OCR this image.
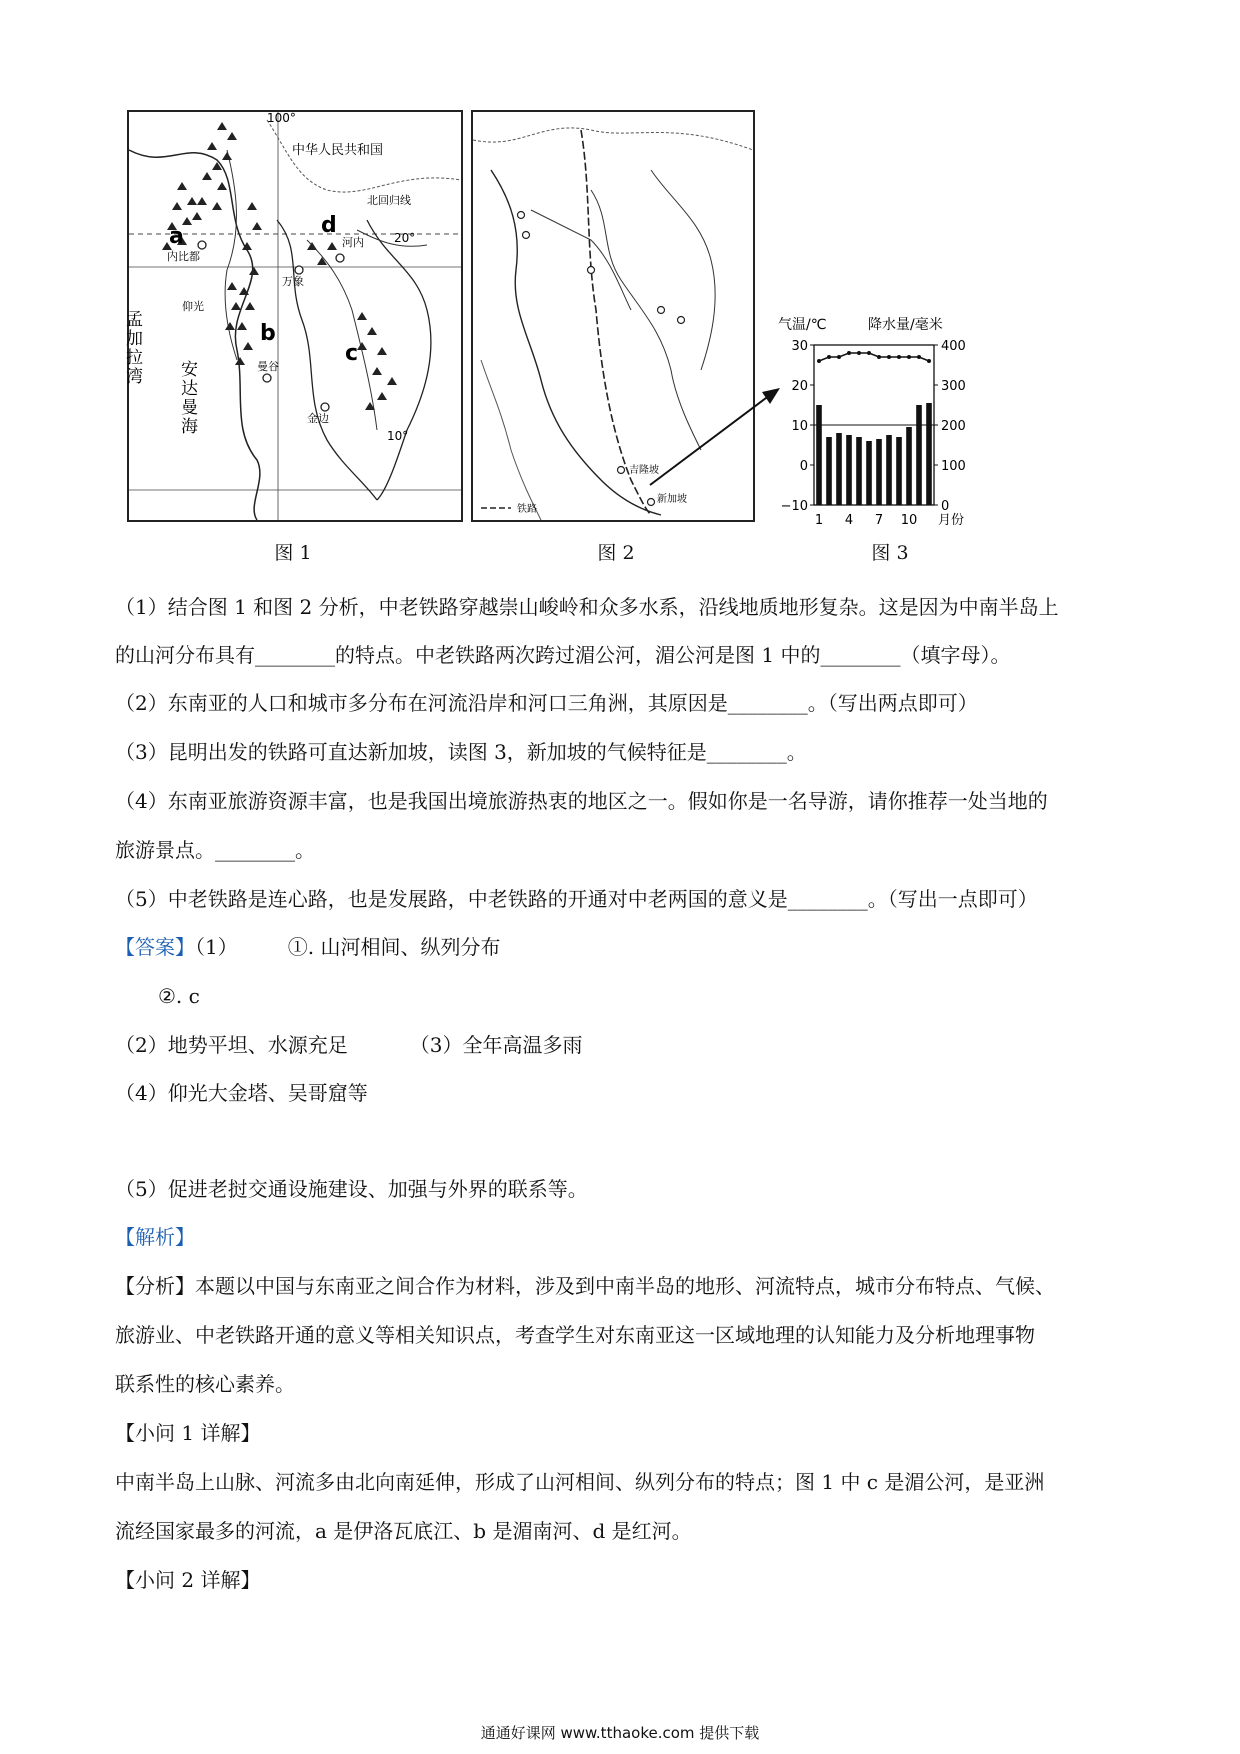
100°
中华人民共和国
北回归线
20°
10°
a
b
c
d
河内
万象
曼谷
金边
仰光
内比都
孟加拉湾
安达曼海
图 1
铁路
吉隆坡
新加坡
图 2
气温/℃	降水量/毫米
30
20
10
0
−10
400
300
200
100
0
1 4 7 10 月份
图 3
（1）结合图 1 和图 2 分析，中老铁路穿越崇山峻岭和众多水系，沿线地质地形复杂。这是因为中南半岛上
的山河分布具有________的特点。中老铁路两次跨过湄公河，湄公河是图 1 中的________（填字母）。
（2）东南亚的人口和城市多分布在河流沿岸和河口三角洲，其原因是________。（写出两点即可）
（3）昆明出发的铁路可直达新加坡，读图 3，新加坡的气候特征是________。
（4）东南亚旅游资源丰富，也是我国出境旅游热衷的地区之一。假如你是一名导游，请你推荐一处当地的
旅游景点。________。
（5）中老铁路是连心路，也是发展路，中老铁路的开通对中老两国的意义是________。（写出一点即可）
【答案】（1）	①. 山河相间、纵列分布
②. c
（2）地势平坦、水源充足	（3）全年高温多雨
（4）仰光大金塔、吴哥窟等
（5）促进老挝交通设施建设、加强与外界的联系等。
【解析】
【分析】本题以中国与东南亚之间合作为材料，涉及到中南半岛的地形、河流特点，城市分布特点、气候、
旅游业、中老铁路开通的意义等相关知识点，考查学生对东南亚这一区域地理的认知能力及分析地理事物
联系性的核心素养。
【小问 1 详解】
中南半岛上山脉、河流多由北向南延伸，形成了山河相间、纵列分布的特点；图 1 中 c 是湄公河，是亚洲
流经国家最多的河流，a 是伊洛瓦底江、b 是湄南河、d 是红河。
【小问 2 详解】
通通好课网 www.tthaoke.com 提供下载
